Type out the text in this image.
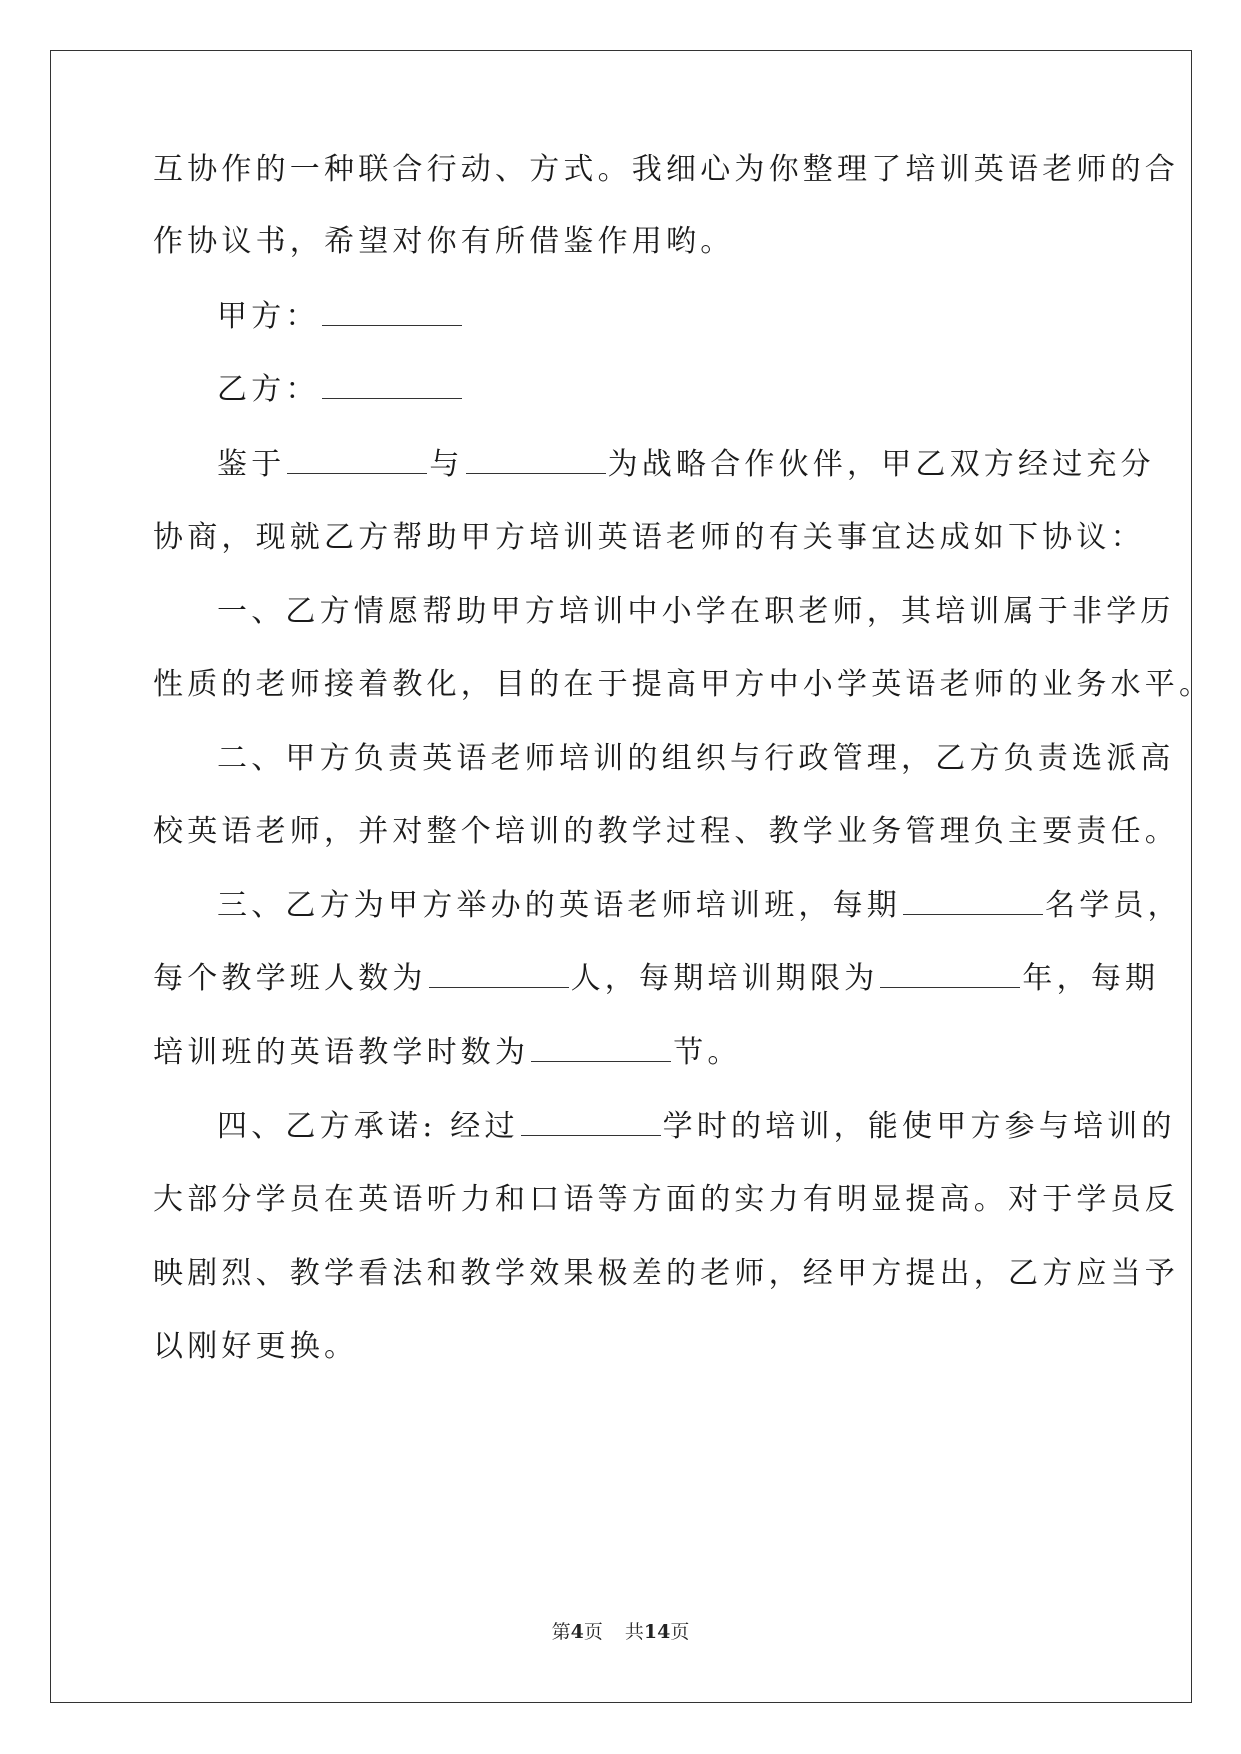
互协作的一种联合行动、方式。我细心为你整理了培训英语老师的合
作协议书，希望对你有所借鉴作用哟。
甲方：
乙方：
鉴于	与	为战略合作伙伴，甲乙双方经过充分
协商，现就乙方帮助甲方培训英语老师的有关事宜达成如下协议：
一、乙方情愿帮助甲方培训中小学在职老师，其培训属于非学历
性质的老师接着教化，目的在于提高甲方中小学英语老师的业务水平。
二、甲方负责英语老师培训的组织与行政管理，乙方负责选派高
校英语老师，并对整个培训的教学过程、教学业务管理负主要责任。
三、乙方为甲方举办的英语老师培训班，每期	名学员，
每个教学班人数为	人，每期培训期限为	年，每期
培训班的英语教学时数为	节。
四、乙方承诺: 经过	学时的培训，能使甲方参与培训的
大部分学员在英语听力和口语等方面的实力有明显提高。对于学员反
映剧烈、教学看法和教学效果极差的老师，经甲方提出，乙方应当予
以刚好更换。
第4页 共14页
